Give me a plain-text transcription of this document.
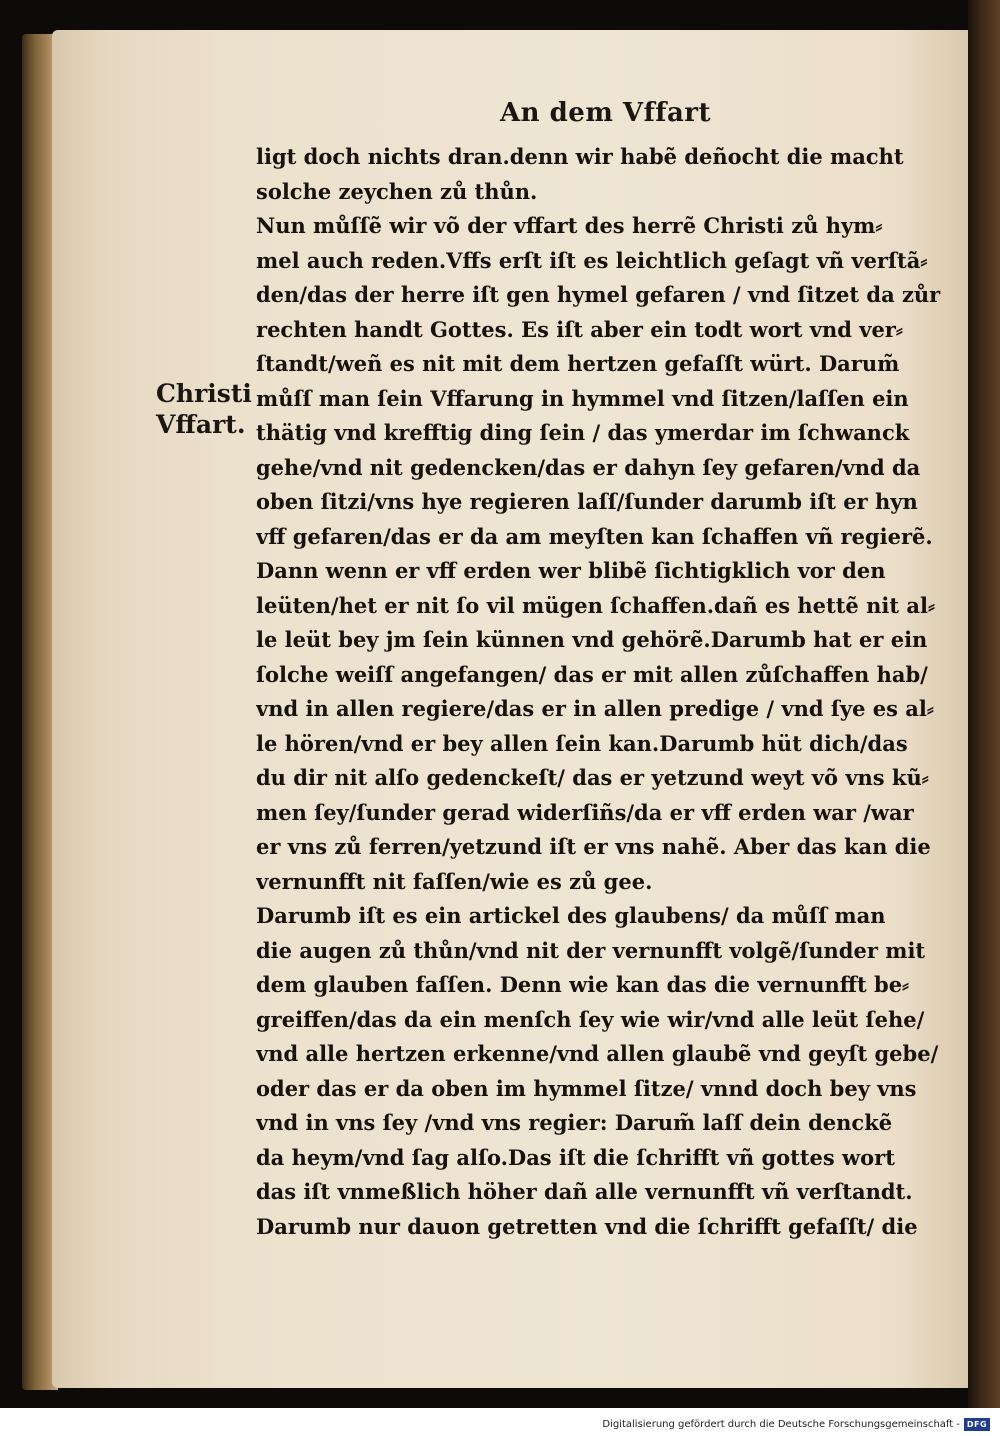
An dem Vffart
Christi
Vffart.
ligt doch nichts dran.denn wir habẽ deñocht die macht
solche zeychen zů thůn.
Nun můſſẽ wir võ der vffart des herrẽ Christi zů hym⸗
mel auch reden.Vffs erſt iſt es leichtlich geſagt vñ verſtã⸗
den/das der herre iſt gen hymel gefaren / vnd ſitzet da zůr
rechten handt Gottes. Es iſt aber ein todt wort vnd ver⸗
ſtandt/weñ es nit mit dem hertzen gefaſſt würt. Darum̃
můſſ man ſein Vffarung in hymmel vnd ſitzen/laſſen ein
thätig vnd krefftig ding ſein / das ymerdar im ſchwanck
gehe/vnd nit gedencken/das er dahyn ſey gefaren/vnd da
oben ſitzi/vns hye regieren laſſ/ſunder darumb iſt er hyn
vff gefaren/das er da am meyſten kan ſchaffen vñ regierẽ.
Dann wenn er vff erden wer blibẽ ſichtigklich vor den
leüten/het er nit ſo vil mügen ſchaffen.dañ es hettẽ nit al⸗
le leüt bey jm ſein künnen vnd gehörẽ.Darumb hat er ein
ſolche weiſſ angefangen/ das er mit allen zůſchaffen hab/
vnd in allen regiere/das er in allen predige / vnd ſye es al⸗
le hören/vnd er bey allen ſein kan.Darumb hüt dich/das
du dir nit alſo gedenckeſt/ das er yetzund weyt võ vns kũ⸗
men ſey/ſunder gerad widerſiñs/da er vff erden war /war
er vns zů ferren/yetzund iſt er vns nahẽ. Aber das kan die
vernunfft nit faſſen/wie es zů gee.
Darumb iſt es ein artickel des glaubens/ da můſſ man
die augen zů thůn/vnd nit der vernunfft volgẽ/ſunder mit
dem glauben faſſen. Denn wie kan das die vernunfft be⸗
greiffen/das da ein menſch ſey wie wir/vnd alle leüt ſehe/
vnd alle hertzen erkenne/vnd allen glaubẽ vnd geyſt gebe/
oder das er da oben im hymmel ſitze/ vnnd doch bey vns
vnd in vns ſey /vnd vns regier: Darum̃ laſſ dein denckẽ
da heym/vnd ſag alſo.Das iſt die ſchrifft vñ gottes wort
das iſt vnmeßlich höher dañ alle vernunfft vñ verſtandt.
Darumb nur dauon getretten vnd die ſchrifft gefaſſt/ die
Digitalisierung gefördert durch die Deutsche Forschungsgemeinschaft - DFG
